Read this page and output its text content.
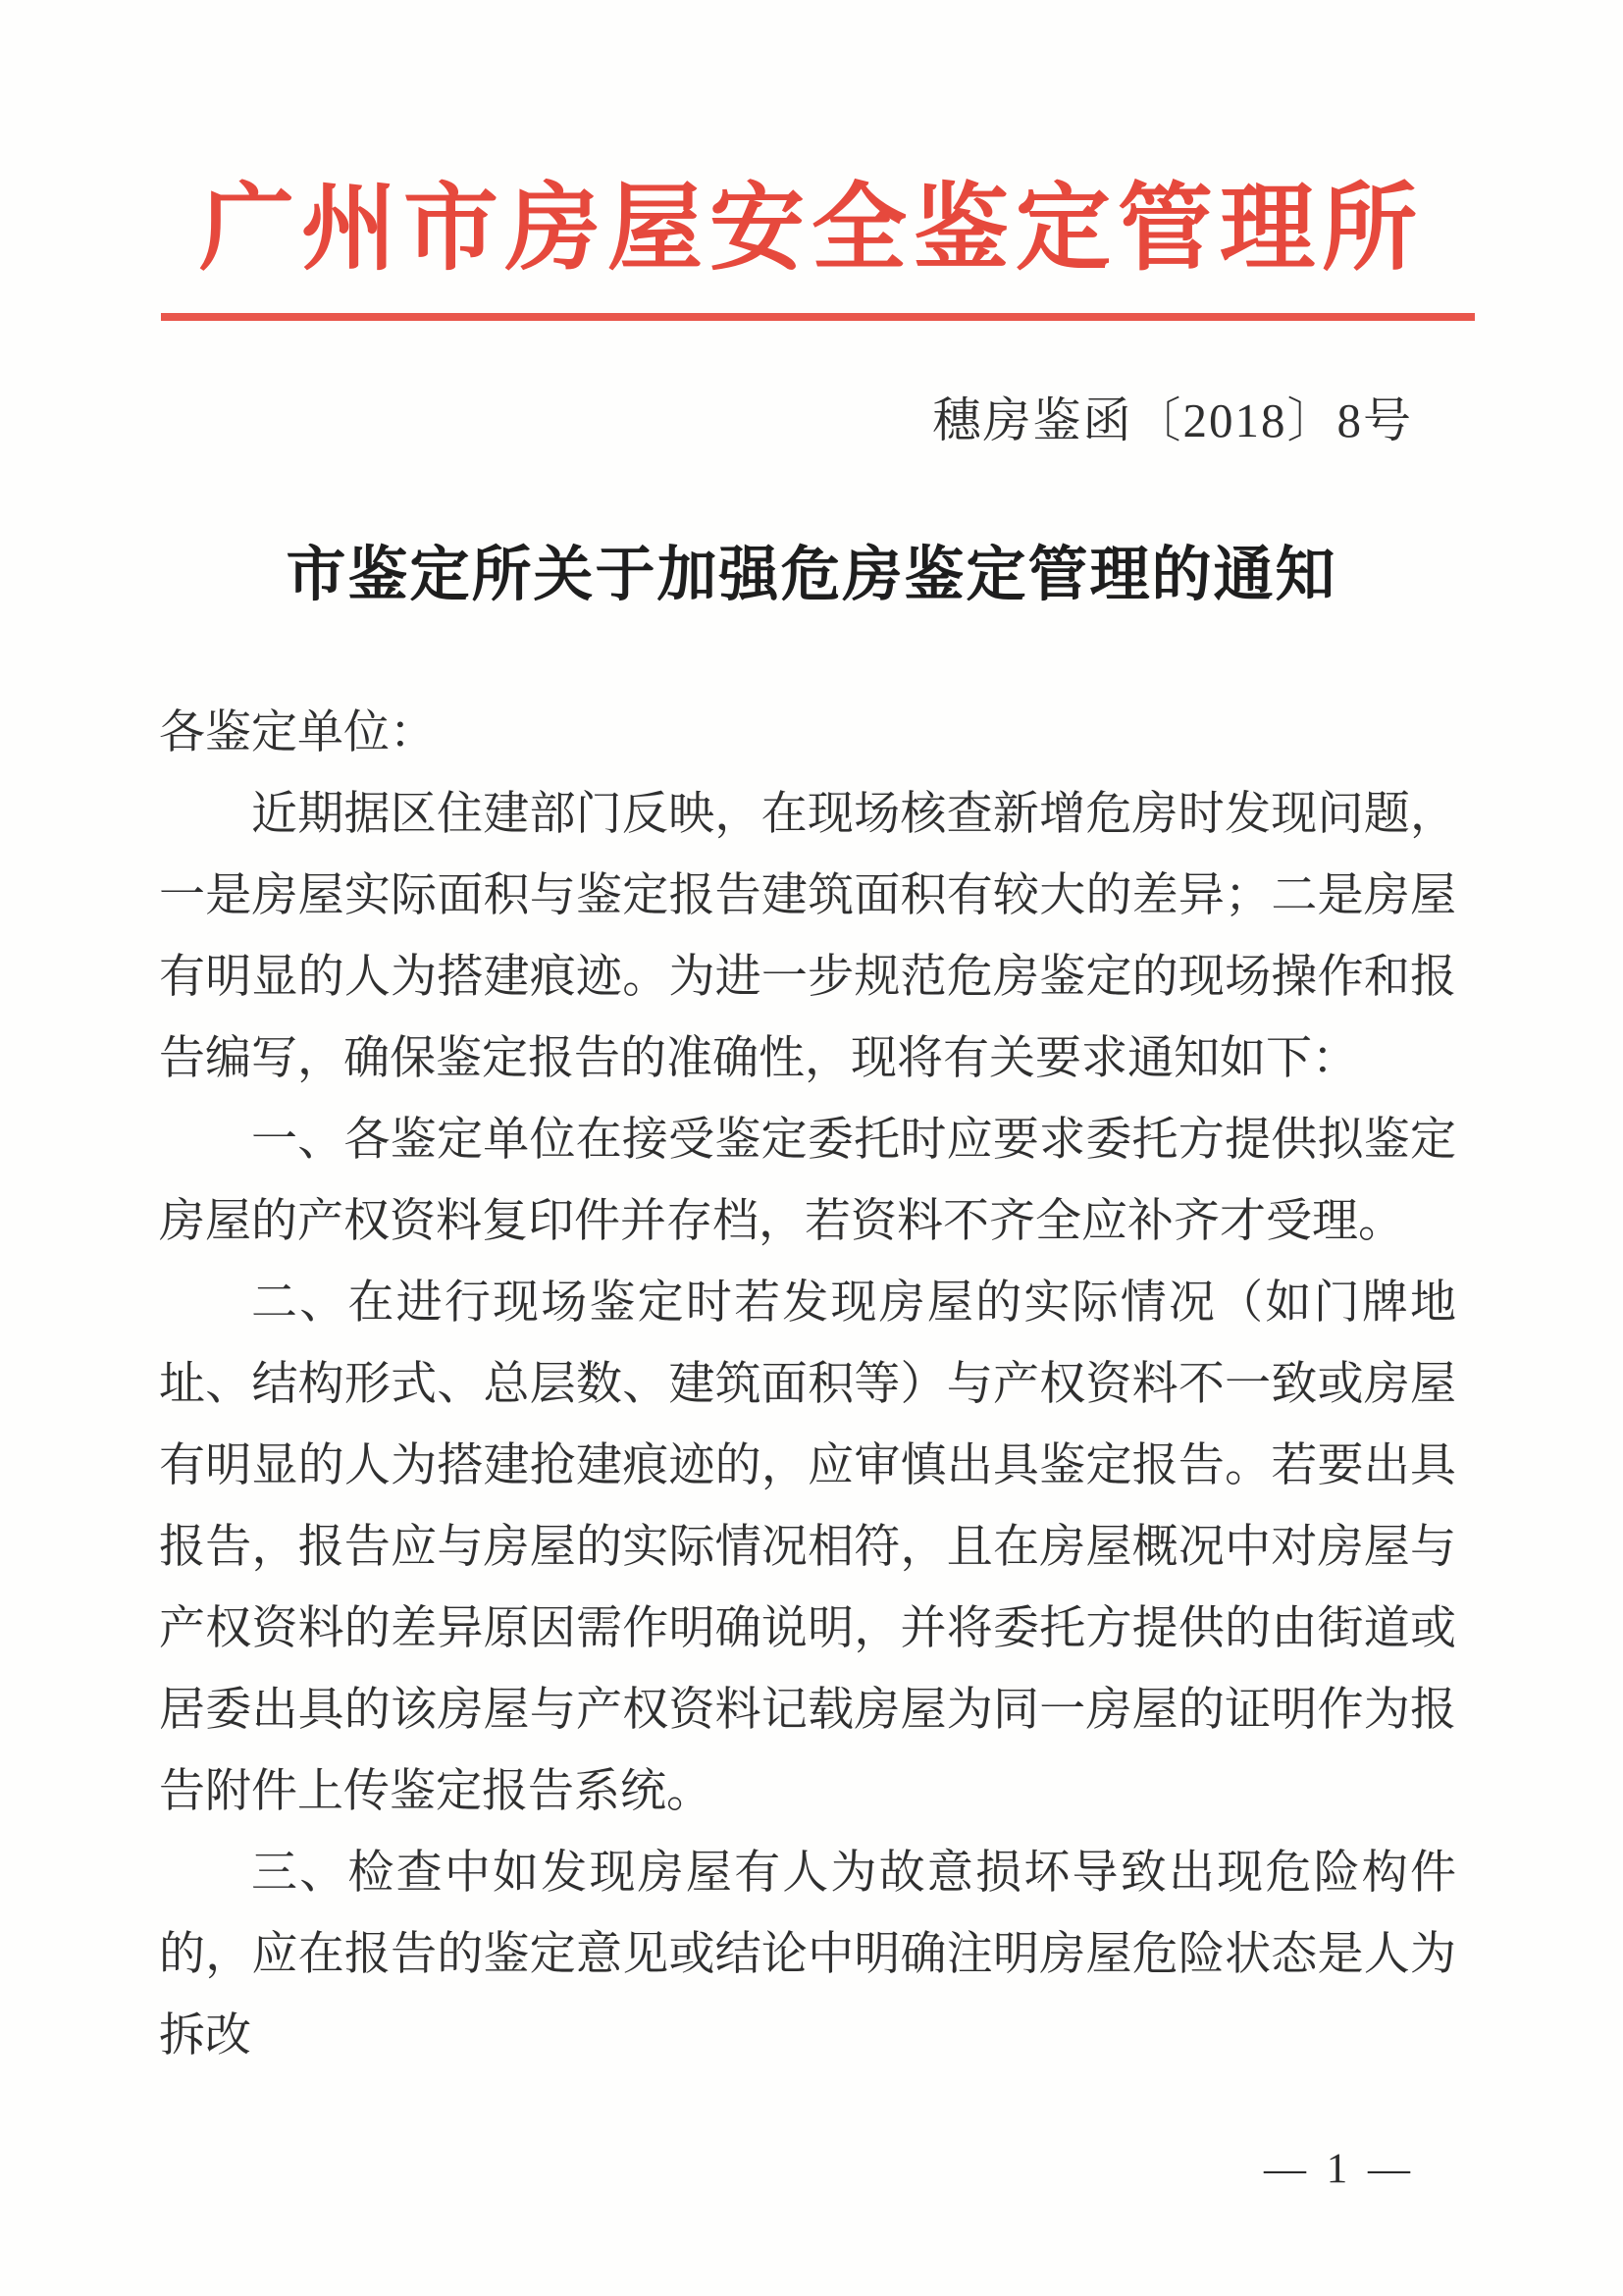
广州市房屋安全鉴定管理所
穗房鉴函〔2018〕8号
市鉴定所关于加强危房鉴定管理的通知

各鉴定单位：

近期据区住建部门反映，在现场核查新增危房时发现问题，一是房屋实际面积与鉴定报告建筑面积有较大的差异；二是房屋有明显的人为搭建痕迹。为进一步规范危房鉴定的现场操作和报告编写，确保鉴定报告的准确性，现将有关要求通知如下：

一、各鉴定单位在接受鉴定委托时应要求委托方提供拟鉴定房屋的产权资料复印件并存档，若资料不齐全应补齐才受理。

二、在进行现场鉴定时若发现房屋的实际情况（如门牌地址、结构形式、总层数、建筑面积等）与产权资料不一致或房屋有明显的人为搭建抢建痕迹的，应审慎出具鉴定报告。若要出具报告，报告应与房屋的实际情况相符，且在房屋概况中对房屋与产权资料的差异原因需作明确说明，并将委托方提供的由街道或居委出具的该房屋与产权资料记载房屋为同一房屋的证明作为报告附件上传鉴定报告系统。

三、检查中如发现房屋有人为故意损坏导致出现危险构件的，应在报告的鉴定意见或结论中明确注明房屋危险状态是人为拆改

— 1 —
